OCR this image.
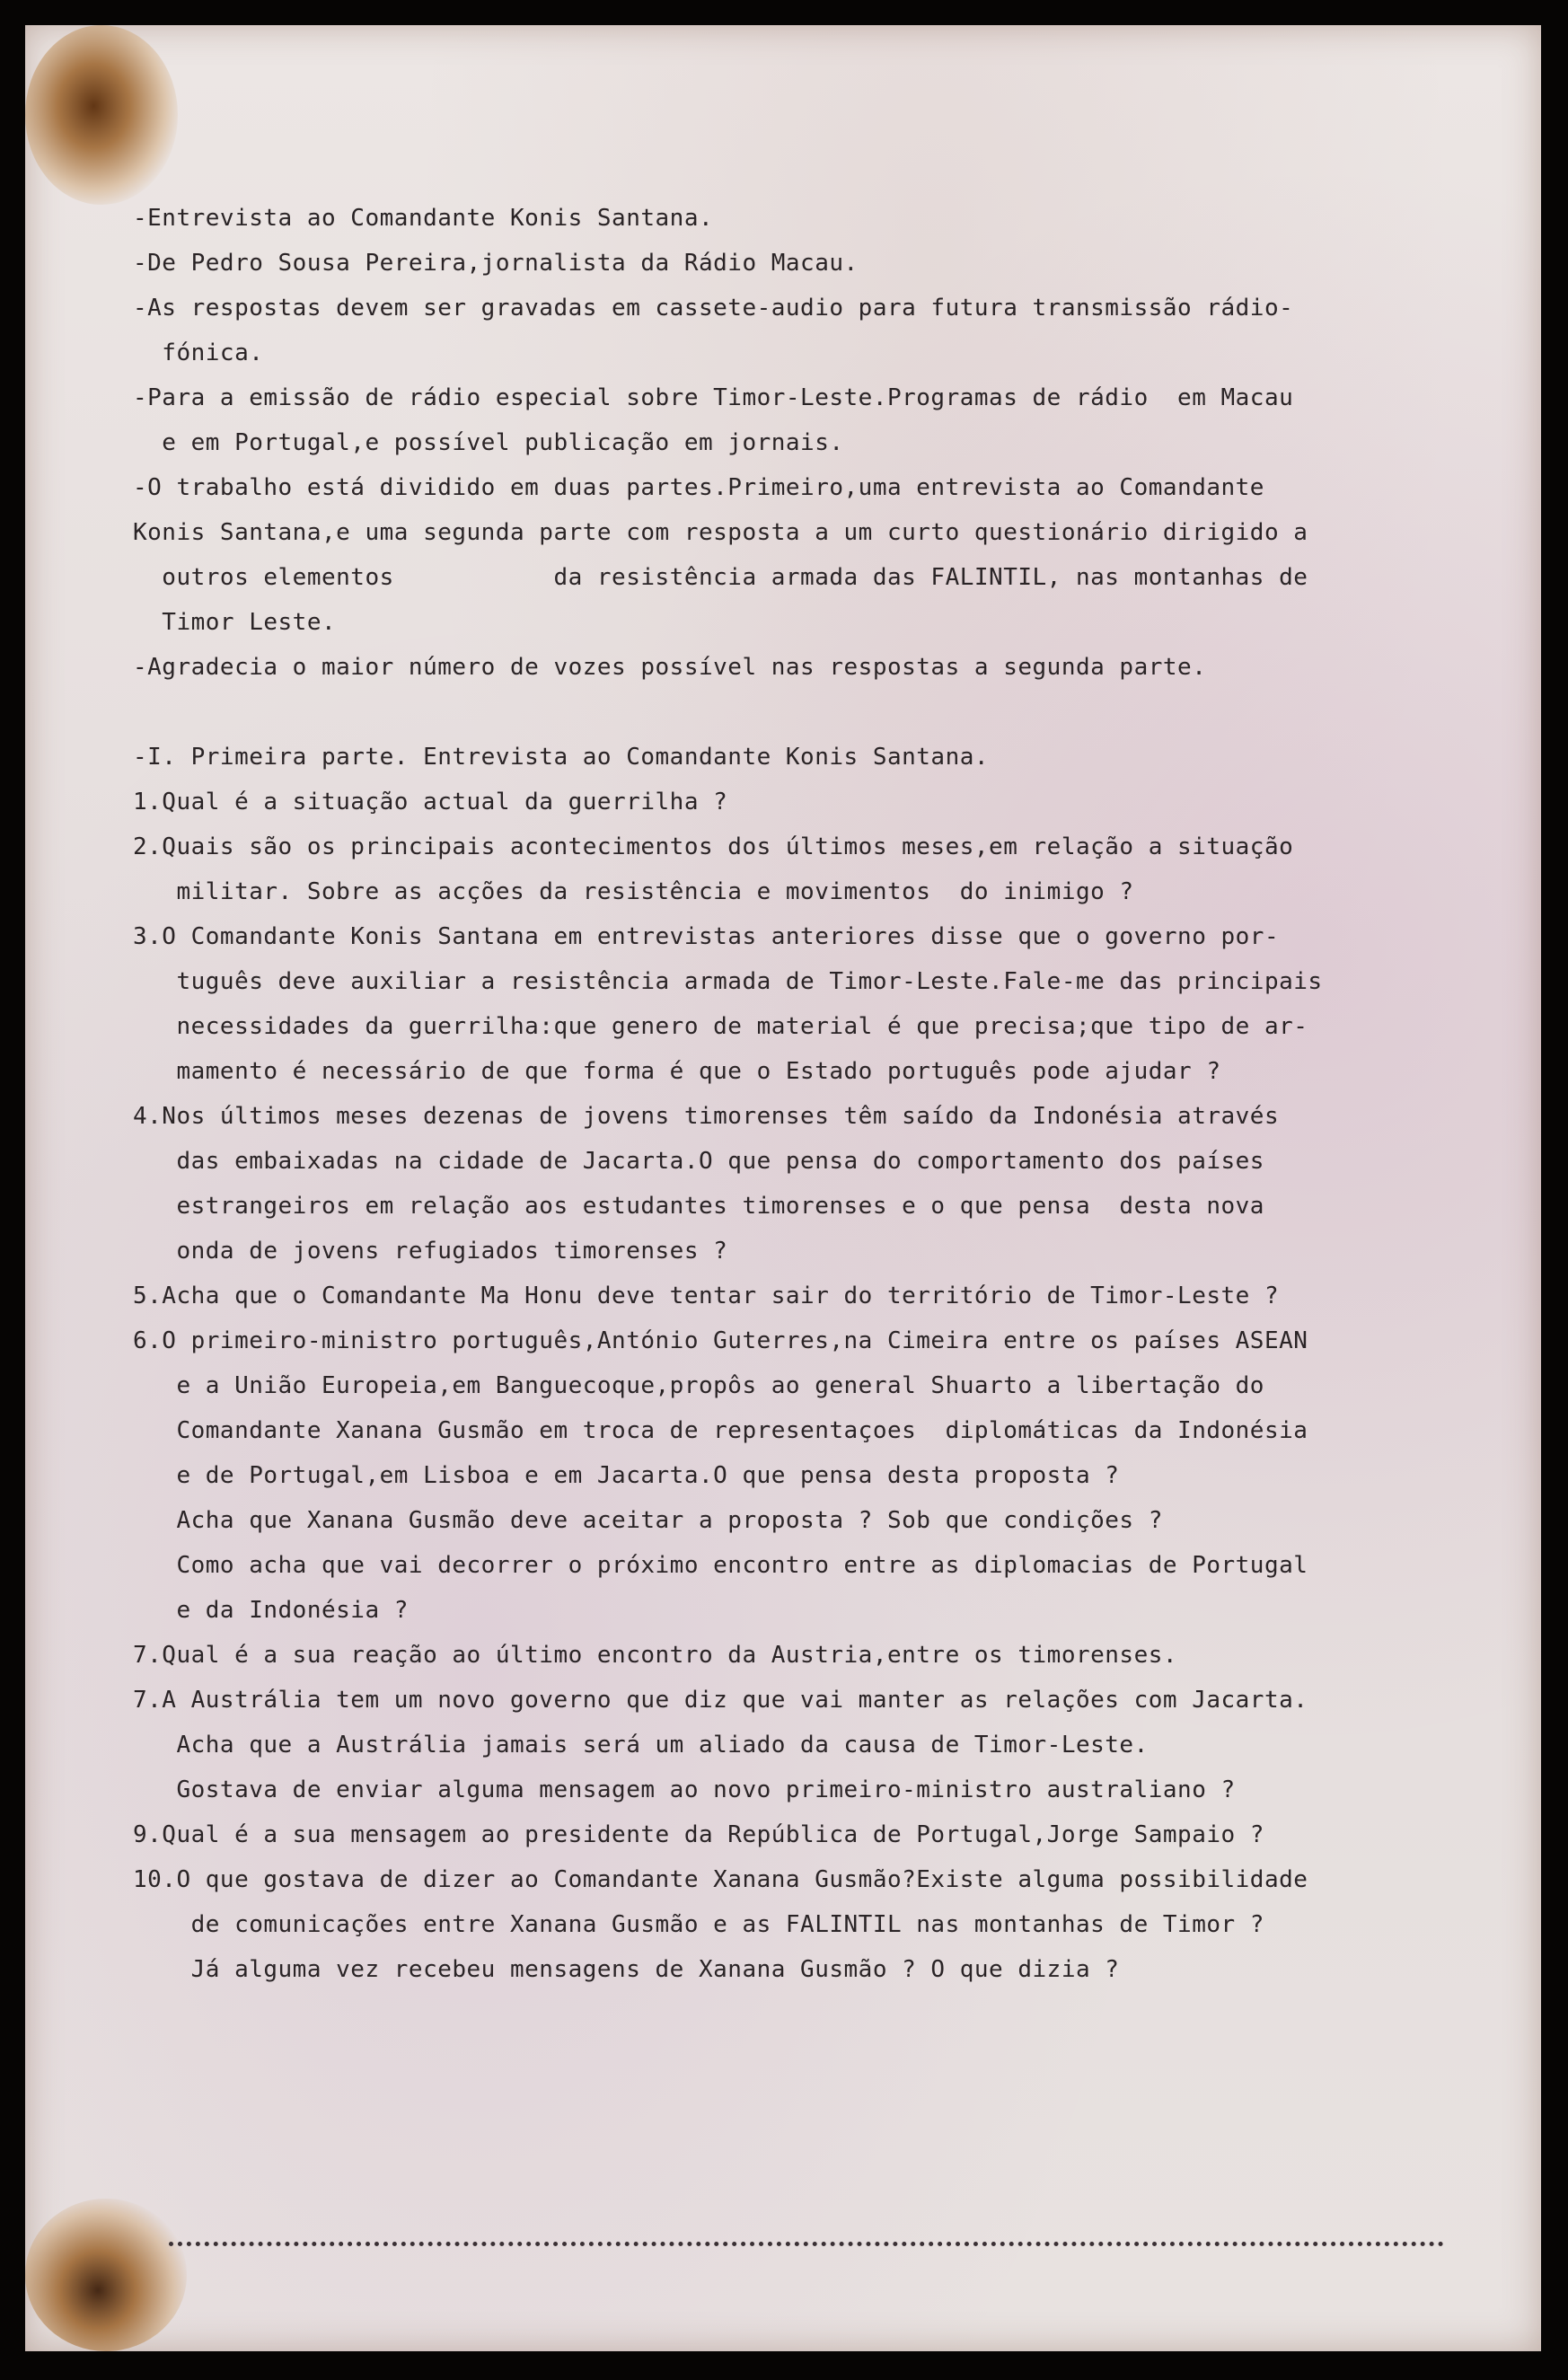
-Entrevista ao Comandante Konis Santana.
-De Pedro Sousa Pereira,jornalista da Rádio Macau.
-As respostas devem ser gravadas em cassete-audio para futura transmissão rádio-
fónica.
-Para a emissão de rádio especial sobre Timor-Leste.Programas de rádio  em Macau
e em Portugal,e possível publicação em jornais.
-O trabalho está dividido em duas partes.Primeiro,uma entrevista ao Comandante
Konis Santana,e uma segunda parte com resposta a um curto questionário dirigido a
outros elementos           da resistência armada das FALINTIL, nas montanhas de
Timor Leste.
-Agradecia o maior número de vozes possível nas respostas a segunda parte.
-I. Primeira parte. Entrevista ao Comandante Konis Santana.
1.Qual é a situação actual da guerrilha ?
2.Quais são os principais acontecimentos dos últimos meses,em relação a situação
militar. Sobre as acções da resistência e movimentos  do inimigo ?
3.O Comandante Konis Santana em entrevistas anteriores disse que o governo por-
tuguês deve auxiliar a resistência armada de Timor-Leste.Fale-me das principais
necessidades da guerrilha:que genero de material é que precisa;que tipo de ar-
mamento é necessário de que forma é que o Estado português pode ajudar ?
4.Nos últimos meses dezenas de jovens timorenses têm saído da Indonésia através
das embaixadas na cidade de Jacarta.O que pensa do comportamento dos países
estrangeiros em relação aos estudantes timorenses e o que pensa  desta nova
onda de jovens refugiados timorenses ?
5.Acha que o Comandante Ma Honu deve tentar sair do território de Timor-Leste ?
6.O primeiro-ministro português,António Guterres,na Cimeira entre os países ASEAN
e a União Europeia,em Banguecoque,propôs ao general Shuarto a libertação do
Comandante Xanana Gusmão em troca de representaçoes  diplomáticas da Indonésia
e de Portugal,em Lisboa e em Jacarta.O que pensa desta proposta ?
Acha que Xanana Gusmão deve aceitar a proposta ? Sob que condições ?
Como acha que vai decorrer o próximo encontro entre as diplomacias de Portugal
e da Indonésia ?
7.Qual é a sua reação ao último encontro da Austria,entre os timorenses.
7.A Austrália tem um novo governo que diz que vai manter as relações com Jacarta.
Acha que a Austrália jamais será um aliado da causa de Timor-Leste.
Gostava de enviar alguma mensagem ao novo primeiro-ministro australiano ?
9.Qual é a sua mensagem ao presidente da República de Portugal,Jorge Sampaio ?
10.O que gostava de dizer ao Comandante Xanana Gusmão?Existe alguma possibilidade
de comunicações entre Xanana Gusmão e as FALINTIL nas montanhas de Timor ?
Já alguma vez recebeu mensagens de Xanana Gusmão ? O que dizia ?
